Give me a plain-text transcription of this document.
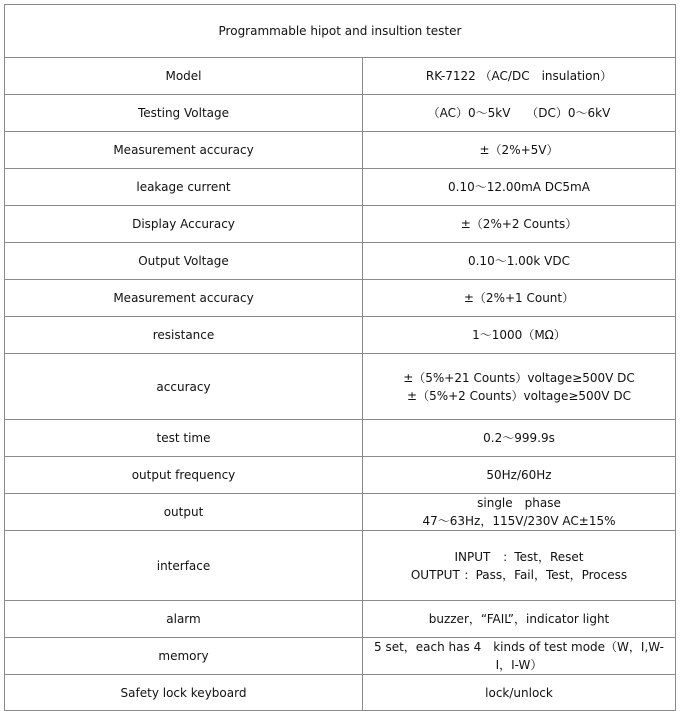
Programmable hipot and insultion tester	
Model	RK-7122 （AC/DC　insulation）
Testing Voltage	（AC）0～5kV　 （DC）0～6kV
Measurement accuracy	±（2%+5V）
leakage current	0.10～12.00mA DC5mA
Display Accuracy	±（2%+2 Counts）
Output Voltage	0.10～1.00k VDC
Measurement accuracy	±（2%+1 Count）
resistance	1～1000（MΩ）
accuracy	±（5%+21 Counts）voltage≥500V DC
±（5%+2 Counts）voltage≥500V DC
test time	0.2～999.9s
output frequency	50Hz/60Hz
output	single　phase
47～63Hz，115V/230V AC±15%
interface	INPUT　：Test，Reset
OUTPUT ：Pass，Fail，Test，Process
alarm	buzzer，“FAIL”，indicator light
memory	5 set，each has 4　kinds of test mode（W，I,W-I，I-W）
Safety lock keyboard	lock/unlock
